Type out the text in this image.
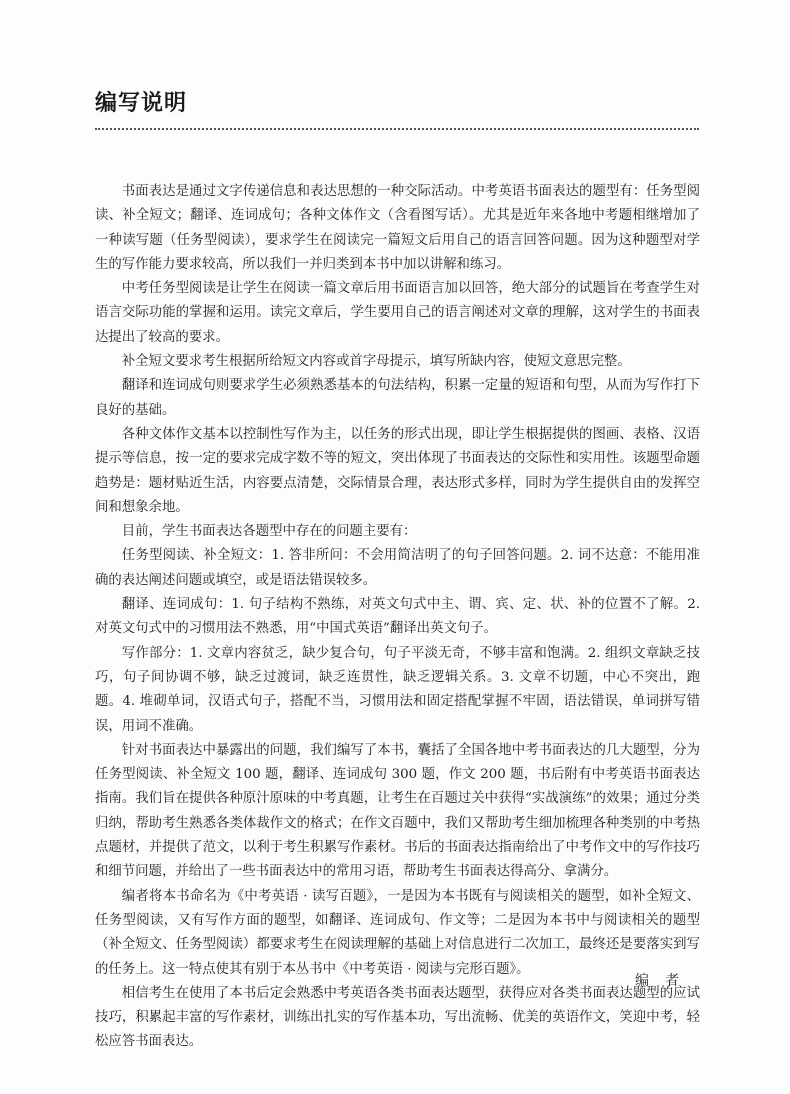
编写说明

书面表达是通过文字传递信息和表达思想的一种交际活动。中考英语书面表达的题型有：任务型阅读、补全短文；翻译、连词成句；各种文体作文（含看图写话）。尤其是近年来各地中考题相继增加了一种读写题（任务型阅读），要求学生在阅读完一篇短文后用自己的语言回答问题。因为这种题型对学生的写作能力要求较高，所以我们一并归类到本书中加以讲解和练习。

中考任务型阅读是让学生在阅读一篇文章后用书面语言加以回答，绝大部分的试题旨在考查学生对语言交际功能的掌握和运用。读完文章后，学生要用自己的语言阐述对文章的理解，这对学生的书面表达提出了较高的要求。

补全短文要求考生根据所给短文内容或首字母提示，填写所缺内容，使短文意思完整。

翻译和连词成句则要求学生必须熟悉基本的句法结构，积累一定量的短语和句型，从而为写作打下良好的基础。

各种文体作文基本以控制性写作为主，以任务的形式出现，即让学生根据提供的图画、表格、汉语提示等信息，按一定的要求完成字数不等的短文，突出体现了书面表达的交际性和实用性。该题型命题趋势是：题材贴近生活，内容要点清楚，交际情景合理，表达形式多样，同时为学生提供自由的发挥空间和想象余地。

目前，学生书面表达各题型中存在的问题主要有：

任务型阅读、补全短文：1. 答非所问：不会用简洁明了的句子回答问题。2. 词不达意：不能用准确的表达阐述问题或填空，或是语法错误较多。

翻译、连词成句：1. 句子结构不熟练，对英文句式中主、谓、宾、定、状、补的位置不了解。2. 对英文句式中的习惯用法不熟悉，用“中国式英语”翻译出英文句子。

写作部分：1. 文章内容贫乏，缺少复合句，句子平淡无奇，不够丰富和饱满。2. 组织文章缺乏技巧，句子间协调不够，缺乏过渡词，缺乏连贯性，缺乏逻辑关系。3. 文章不切题，中心不突出，跑题。4. 堆砌单词，汉语式句子，搭配不当，习惯用法和固定搭配掌握不牢固，语法错误，单词拼写错误，用词不准确。

针对书面表达中暴露出的问题，我们编写了本书，囊括了全国各地中考书面表达的几大题型，分为任务型阅读、补全短文 100 题，翻译、连词成句 300 题，作文 200 题，书后附有中考英语书面表达指南。我们旨在提供各种原汁原味的中考真题，让考生在百题过关中获得“实战演练”的效果；通过分类归纳，帮助考生熟悉各类体裁作文的格式；在作文百题中，我们又帮助考生细加梳理各种类别的中考热点题材，并提供了范文，以利于考生积累写作素材。书后的书面表达指南给出了中考作文中的写作技巧和细节问题，并给出了一些书面表达中的常用习语，帮助考生书面表达得高分、拿满分。

编者将本书命名为《中考英语 · 读写百题》，一是因为本书既有与阅读相关的题型，如补全短文、任务型阅读，又有写作方面的题型，如翻译、连词成句、作文等；二是因为本书中与阅读相关的题型（补全短文、任务型阅读）都要求考生在阅读理解的基础上对信息进行二次加工，最终还是要落实到写的任务上。这一特点使其有别于本丛书中《中考英语 · 阅读与完形百题》。

相信考生在使用了本书后定会熟悉中考英语各类书面表达题型，获得应对各类书面表达题型的应试技巧，积累起丰富的写作素材，训练出扎实的写作基本功，写出流畅、优美的英语作文，笑迎中考，轻松应答书面表达。

编者
